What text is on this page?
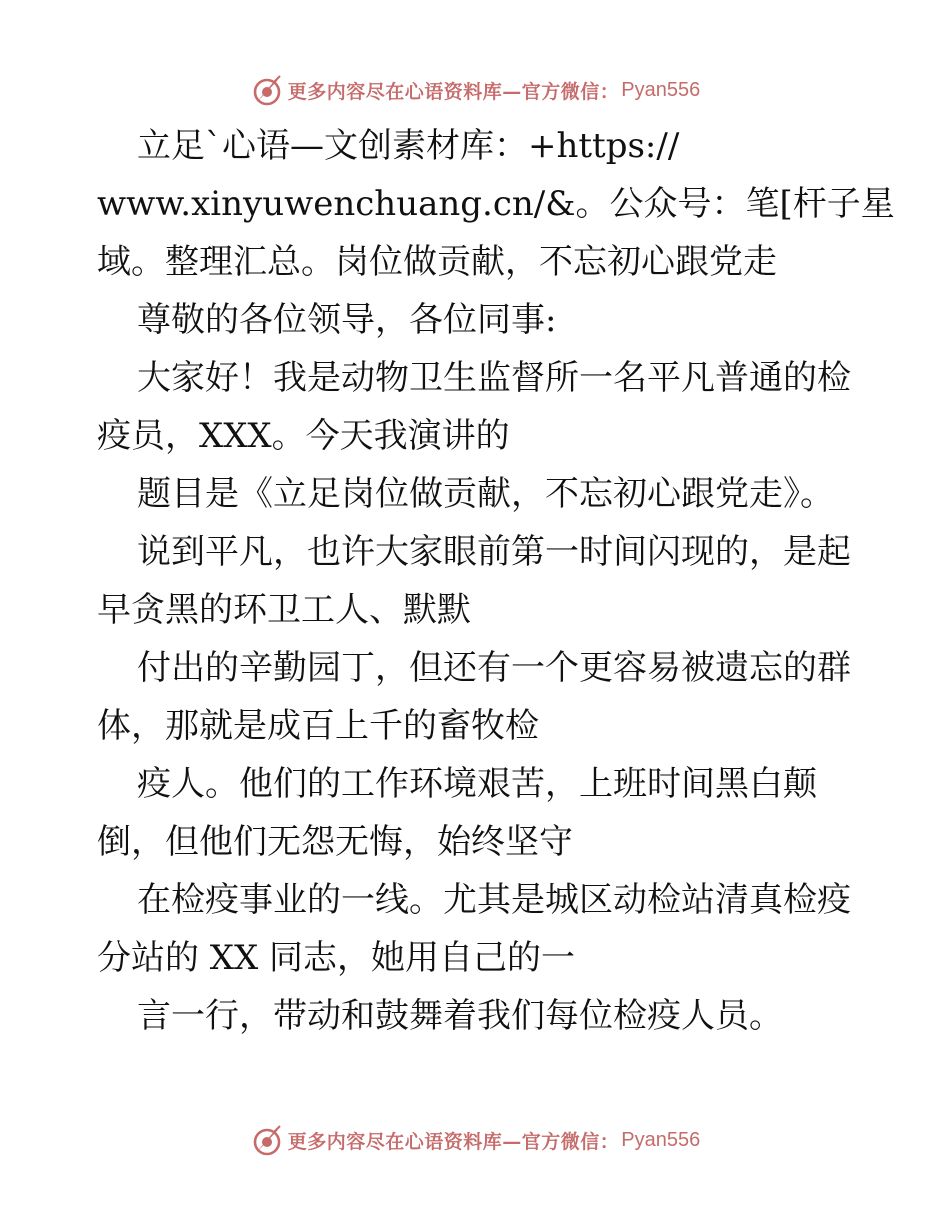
更多内容尽在心语资料库—官方微信： Pyan556
立足`心语—文创素材库：+https://
www.xinyuwenchuang.cn/&。公众号：笔[杆子星
域。整理汇总。岗位做贡献，不忘初心跟党走
尊敬的各位领导，各位同事:
大家好！我是动物卫生监督所一名平凡普通的检
疫员，XXX。今天我演讲的
题目是《立足岗位做贡献，不忘初心跟党走》。
说到平凡，也许大家眼前第一时间闪现的，是起
早贪黑的环卫工人、默默
付出的辛勤园丁，但还有一个更容易被遗忘的群
体，那就是成百上千的畜牧检
疫人。他们的工作环境艰苦，上班时间黑白颠
倒，但他们无怨无悔，始终坚守
在检疫事业的一线。尤其是城区动检站清真检疫
分站的 XX 同志，她用自己的一
言一行，带动和鼓舞着我们每位检疫人员。
更多内容尽在心语资料库—官方微信： Pyan556
